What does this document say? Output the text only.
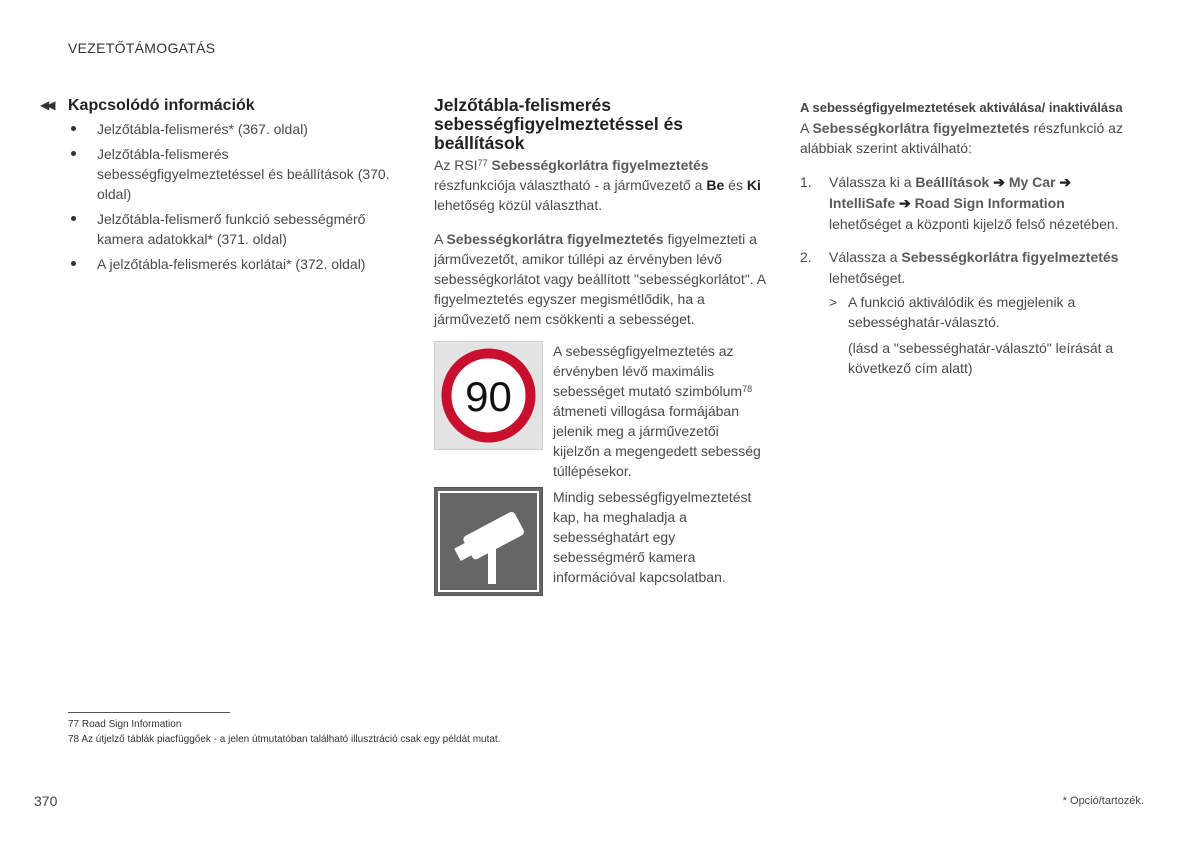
VEZETŐTÁMOGATÁS
◀◀ Kapcsolódó információk
Jelzőtábla-felismerés* (367. oldal)
Jelzőtábla-felismerés sebességfigyelmeztetéssel és beállítások (370. oldal)
Jelzőtábla-felismerő funkció sebességmérő kamera adatokkal* (371. oldal)
A jelzőtábla-felismerés korlátai* (372. oldal)
Jelzőtábla-felismerés sebességfigyelmeztetéssel és beállítások

Az RSI$^{77}$ Sebességkorlátra figyelmeztetés részfunkciója választható - a járművezető a Be és Ki lehetőség közül választhat.

A Sebességkorlátra figyelmeztetés figyelmezteti a járművezetőt, amikor túllépi az érvényben lévő sebességkorlátot vagy beállított "sebességkorlátot". A figyelmeztetés egyszer megismétlődik, ha a járművezető nem csökkenti a sebességet.

90

A sebességfigyelmeztetés az érvényben lévő maximális sebességet mutató szimbólum$^{78}$ átmeneti villogása formájában jelenik meg a járművezetői kijelzőn a megengedett sebesség túllépésekor.

Mindig sebességfigyelmeztetést kap, ha meghaladja a sebességhatárt egy sebességmérő kamera információval kapcsolatban.

A sebességfigyelmeztetések aktiválása/ inaktiválása

A Sebességkorlátra figyelmeztetés részfunkció az alábbiak szerint aktiválható:

1. Válassza ki a Beállítások ➔ My Car ➔ IntelliSafe ➔ Road Sign Information lehetőséget a központi kijelző felső nézetében.
2. Válassza a Sebességkorlátra figyelmeztetés lehetőséget.
> A funkció aktiválódik és megjelenik a sebességhatár-választó.

(lásd a "sebességhatár-választó" leírását a következő cím alatt)

77 Road Sign Information
78 Az útjelző táblák piacfüggőek - a jelen útmutatóban található illusztráció csak egy példát mutat.
370	* Opció/tartozék.
